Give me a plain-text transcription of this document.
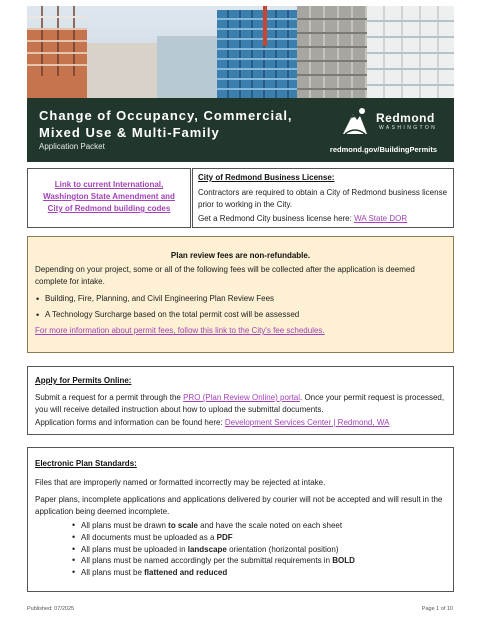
Change of Occupancy, Commercial,
Mixed Use & Multi-Family
Application Packet
Redmond
WASHINGTON
redmond.gov/BuildingPermits
Link to current International, Washington State Amendment and City of Redmond building codes
City of Redmond Business License:
Contractors are required to obtain a City of Redmond business license prior to working in the City.
Get a Redmond City business license here: WA State DOR
Plan review fees are non-refundable.
Depending on your project, some or all of the following fees will be collected after the application is deemed complete for intake.
• Building, Fire, Planning, and Civil Engineering Plan Review Fees
• A Technology Surcharge based on the total permit cost will be assessed
For more information about permit fees, follow this link to the City's fee schedules.
Apply for Permits Online:
Submit a request for a permit through the PRO (Plan Review Online) portal. Once your permit request is processed, you will receive detailed instruction about how to upload the submittal documents.
Application forms and information can be found here: Development Services Center | Redmond, WA
Electronic Plan Standards:
Files that are improperly named or formatted incorrectly may be rejected at intake.
Paper plans, incomplete applications and applications delivered by courier will not be accepted and will result in the application being deemed incomplete.
• All plans must be drawn to scale and have the scale noted on each sheet
• All documents must be uploaded as a PDF
• All plans must be uploaded in landscape orientation (horizontal position)
• All plans must be named accordingly per the submittal requirements in BOLD
• All plans must be flattened and reduced
Published: 07/2025	Page 1 of 10
